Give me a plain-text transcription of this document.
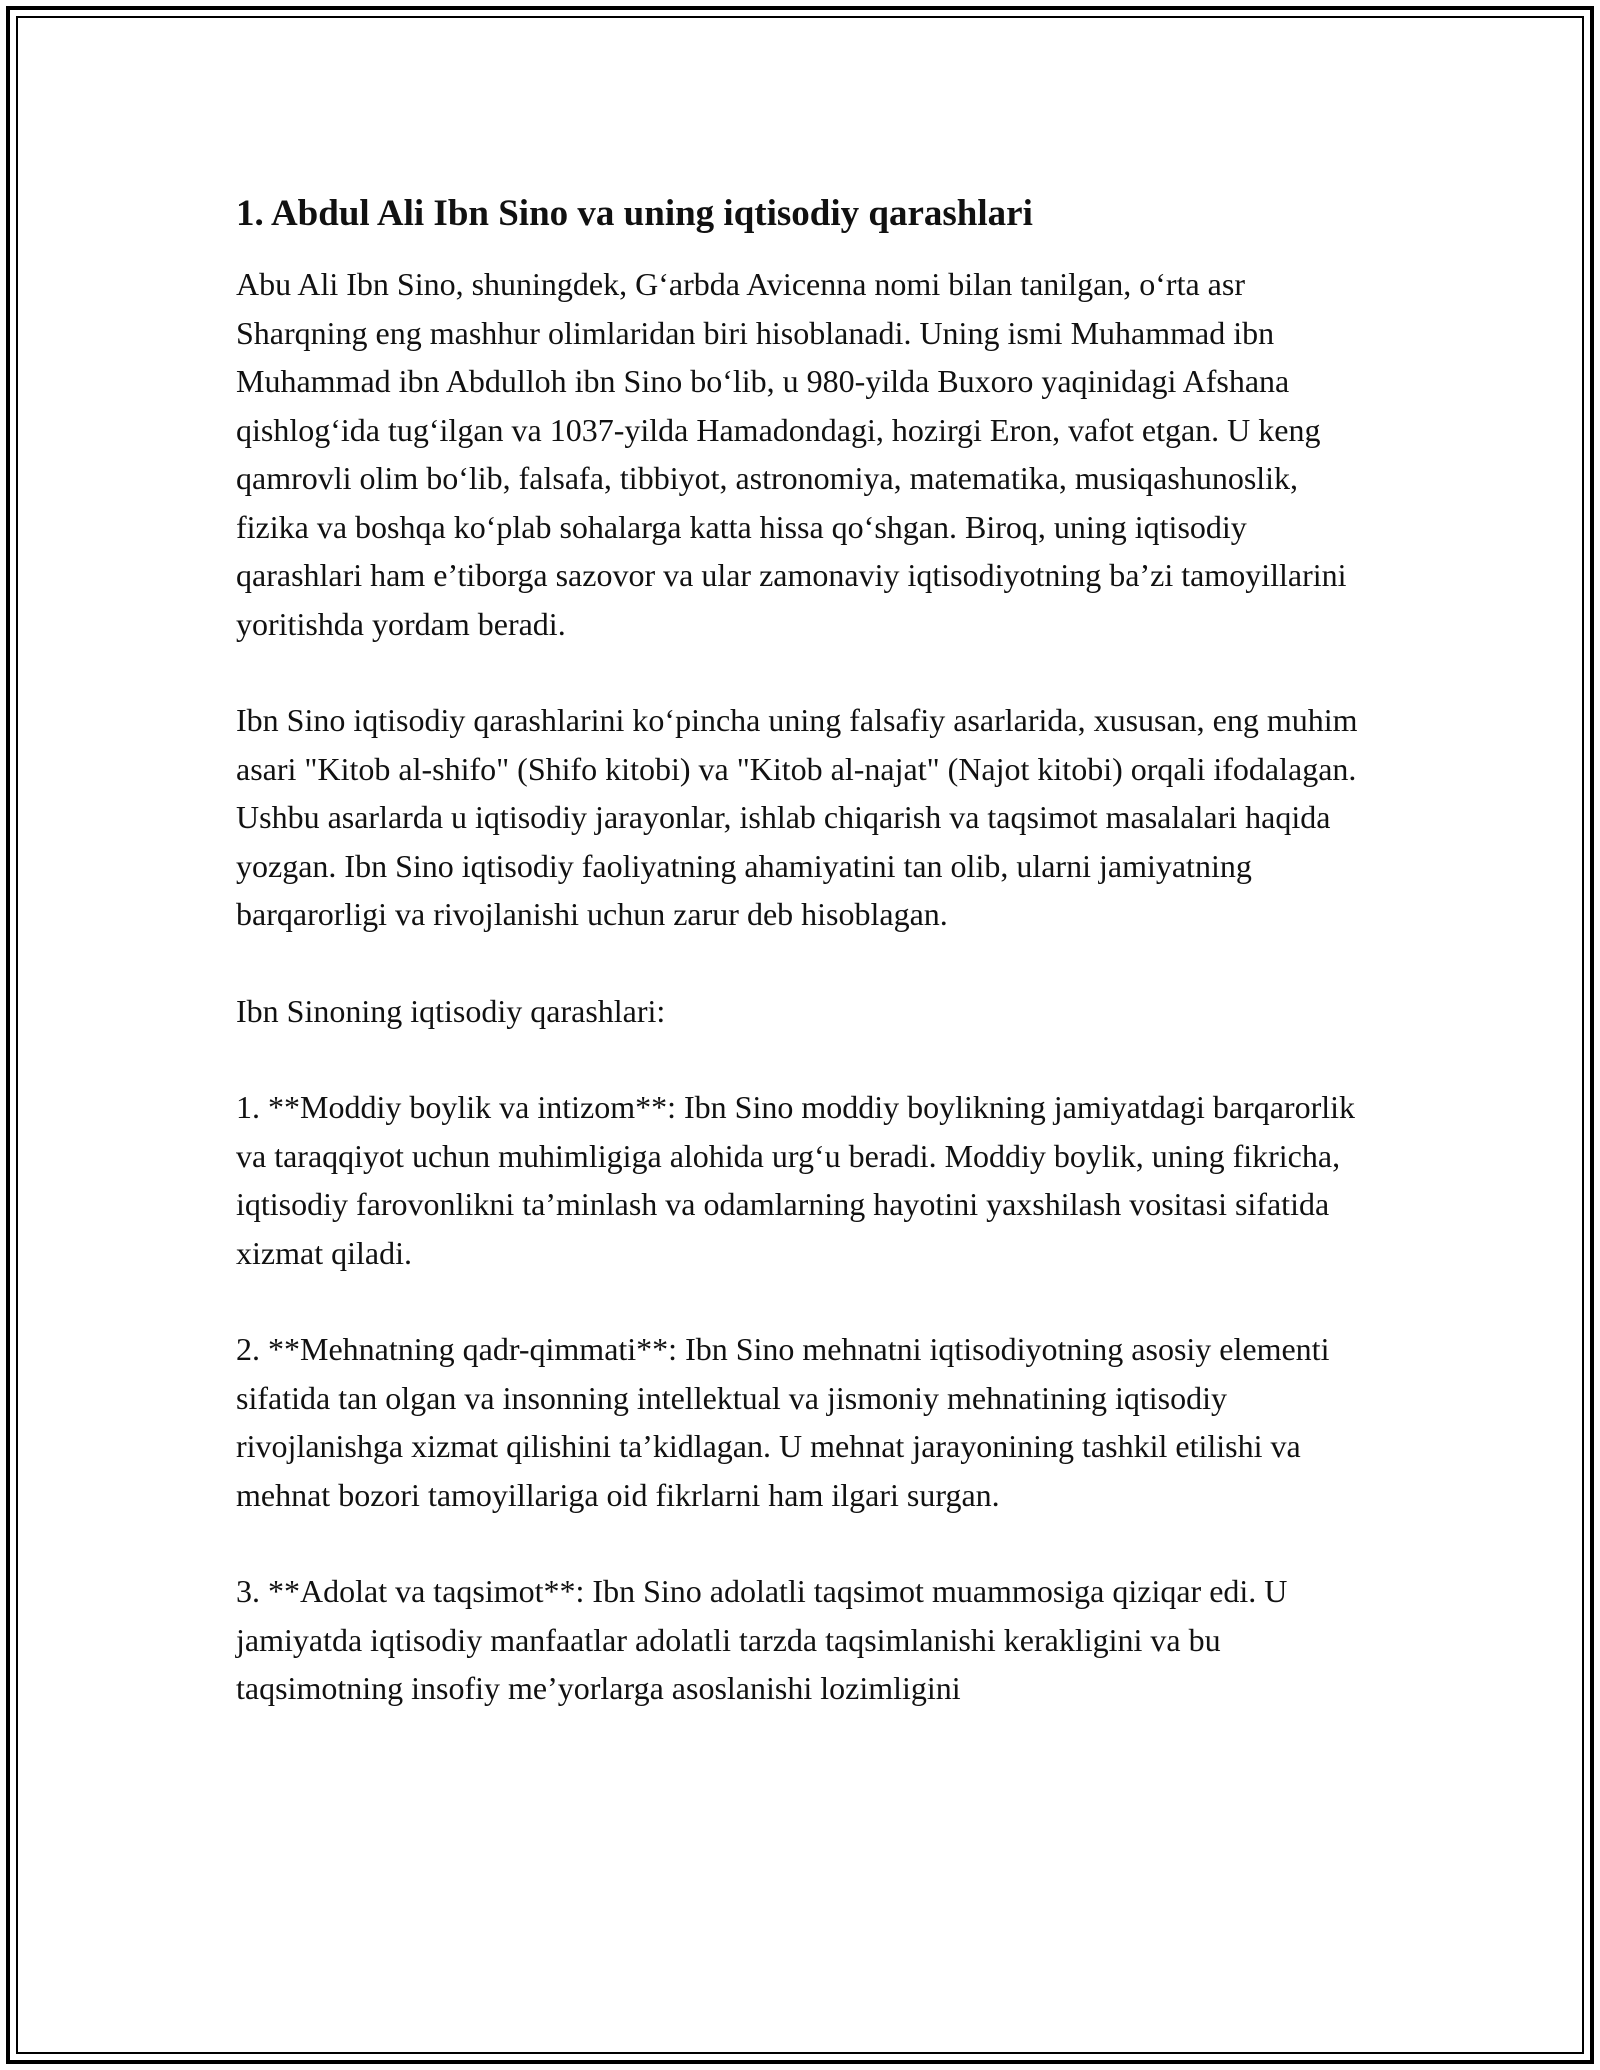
1. Abdul Ali Ibn Sino va uning iqtisodiy qarashlari

Abu Ali Ibn Sino, shuningdek, G‘arbda Avicenna nomi bilan tanilgan, o‘rta asr Sharqning eng mashhur olimlaridan biri hisoblanadi. Uning ismi Muhammad ibn Muhammad ibn Abdulloh ibn Sino bo‘lib, u 980-yilda Buxoro yaqinidagi Afshana qishlog‘ida tug‘ilgan va 1037-yilda Hamadondagi, hozirgi Eron, vafot etgan. U keng qamrovli olim bo‘lib, falsafa, tibbiyot, astronomiya, matematika, musiqashunoslik, fizika va boshqa ko‘plab sohalarga katta hissa qo‘shgan. Biroq, uning iqtisodiy qarashlari ham e’tiborga sazovor va ular zamonaviy iqtisodiyotning ba’zi tamoyillarini yoritishda yordam beradi.

Ibn Sino iqtisodiy qarashlarini ko‘pincha uning falsafiy asarlarida, xususan, eng muhim asari "Kitob al-shifo" (Shifo kitobi) va "Kitob al-najat" (Najot kitobi) orqali ifodalagan. Ushbu asarlarda u iqtisodiy jarayonlar, ishlab chiqarish va taqsimot masalalari haqida yozgan. Ibn Sino iqtisodiy faoliyatning ahamiyatini tan olib, ularni jamiyatning barqarorligi va rivojlanishi uchun zarur deb hisoblagan.

Ibn Sinoning iqtisodiy qarashlari:

1. **Moddiy boylik va intizom**: Ibn Sino moddiy boylikning jamiyatdagi barqarorlik va taraqqiyot uchun muhimligiga alohida urg‘u beradi. Moddiy boylik, uning fikricha, iqtisodiy farovonlikni ta’minlash va odamlarning hayotini yaxshilash vositasi sifatida xizmat qiladi.

2. **Mehnatning qadr-qimmati**: Ibn Sino mehnatni iqtisodiyotning asosiy elementi sifatida tan olgan va insonning intellektual va jismoniy mehnatining iqtisodiy rivojlanishga xizmat qilishini ta’kidlagan. U mehnat jarayonining tashkil etilishi va mehnat bozori tamoyillariga oid fikrlarni ham ilgari surgan.

3. **Adolat va taqsimot**: Ibn Sino adolatli taqsimot muammosiga qiziqar edi. U jamiyatda iqtisodiy manfaatlar adolatli tarzda taqsimlanishi kerakligini va bu taqsimotning insofiy me’yorlarga asoslanishi lozimligini
